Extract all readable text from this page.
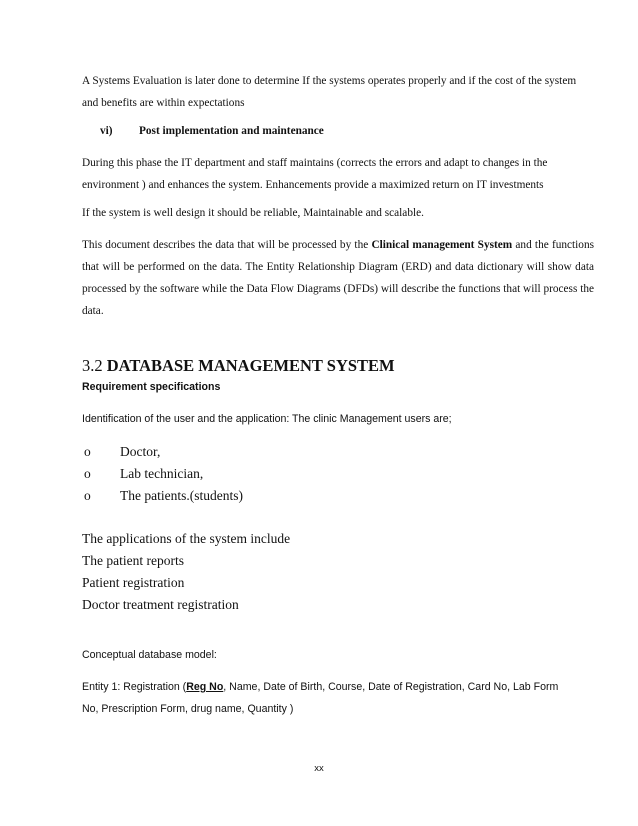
A Systems Evaluation is later done to determine If the systems operates properly and if the cost of the system and benefits are within expectations
vi) Post implementation and maintenance
During this phase the IT department and staff maintains (corrects the errors and adapt to changes in the environment ) and enhances the system. Enhancements provide a maximized return on IT investments
If the system is well design it should be reliable, Maintainable and scalable.
This document describes the data that will be processed by the Clinical management System and the functions that will be performed on the data. The Entity Relationship Diagram (ERD) and data dictionary will show data processed by the software while the Data Flow Diagrams (DFDs) will describe the functions that will process the data.
3.2 DATABASE MANAGEMENT SYSTEM
Requirement specifications
Identification of the user and the application: The clinic Management users are;
o Doctor,
o Lab technician,
o The patients.(students)
The applications of the system include
The patient reports
Patient registration
Doctor treatment registration
Conceptual database model:
Entity 1: Registration (Reg No, Name, Date of Birth, Course, Date of Registration, Card No, Lab Form
No, Prescription Form, drug name, Quantity )
xx
